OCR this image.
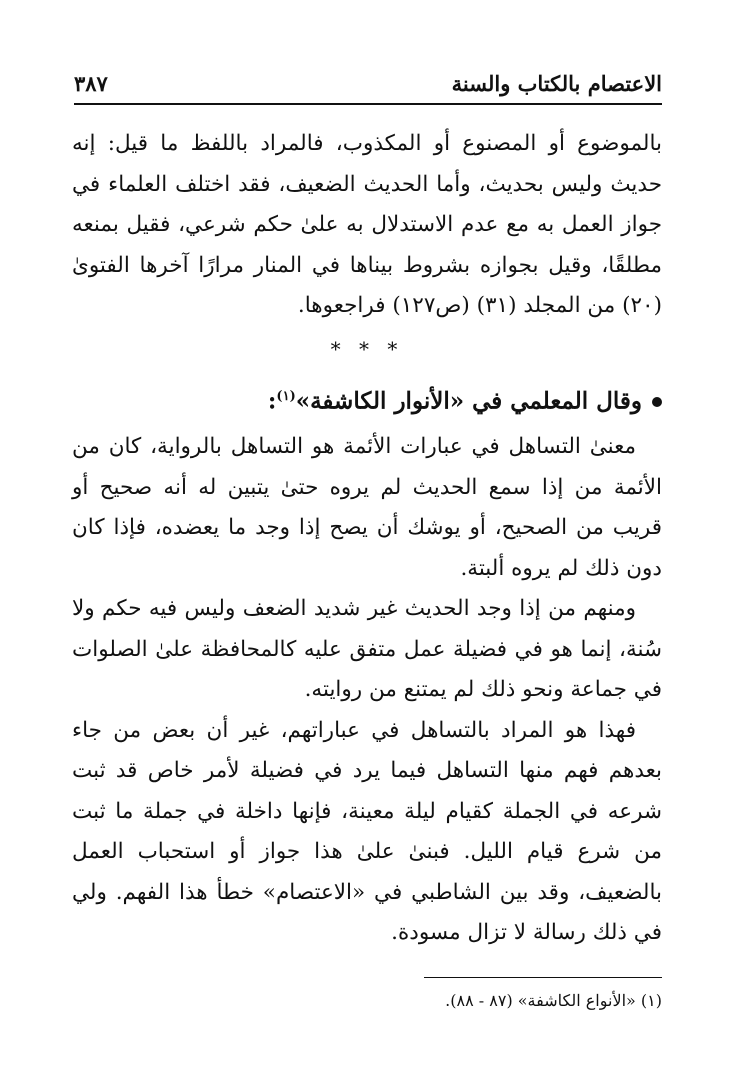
الاعتصام بالكتاب والسنة
٣٨٧

بالموضوع أو المصنوع أو المكذوب، فالمراد باللفظ ما قيل: إنه حديث وليس بحديث، وأما الحديث الضعيف، فقد اختلف العلماء في جواز العمل به مع عدم الاستدلال به علىٰ حكم شرعي، فقيل بمنعه مطلقًا، وقيل بجوازه بشروط بيناها في المنار مرارًا آخرها الفتوىٰ (٢٠) من المجلد (٣١) (ص١٢٧) فراجعوها.

* * *

وقال المعلمي في «الأنوار الكاشفة»$^{(١)}$:

معنىٰ التساهل في عبارات الأئمة هو التساهل بالرواية، كان من الأئمة من إذا سمع الحديث لم يروه حتىٰ يتبين له أنه صحيح أو قريب من الصحيح، أو يوشك أن يصح إذا وجد ما يعضده، فإذا كان دون ذلك لم يروه ألبتة.

ومنهم من إذا وجد الحديث غير شديد الضعف وليس فيه حكم ولا سُنة، إنما هو في فضيلة عمل متفق عليه كالمحافظة علىٰ الصلوات في جماعة ونحو ذلك لم يمتنع من روايته.

فهذا هو المراد بالتساهل في عباراتهم، غير أن بعض من جاء بعدهم فهم منها التساهل فيما يرد في فضيلة لأمر خاص قد ثبت شرعه في الجملة كقيام ليلة معينة، فإنها داخلة في جملة ما ثبت من شرع قيام الليل. فبنىٰ علىٰ هذا جواز أو استحباب العمل بالضعيف، وقد بين الشاطبي في «الاعتصام» خطأ هذا الفهم. ولي في ذلك رسالة لا تزال مسودة.

(١) «الأنواع الكاشفة» (٨٧ - ٨٨).
